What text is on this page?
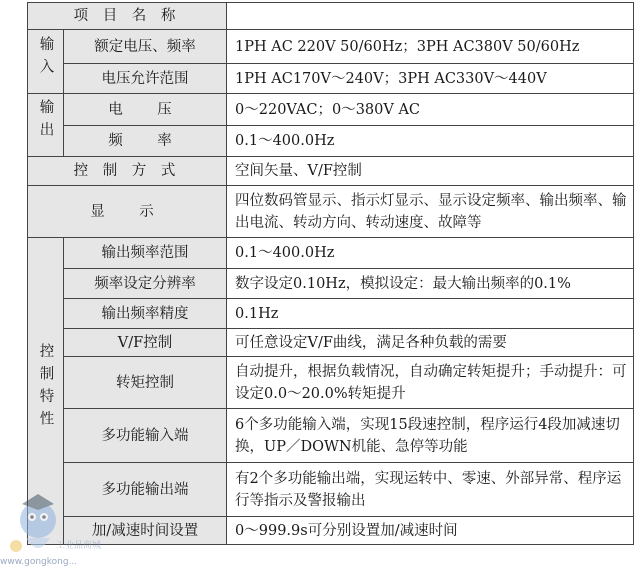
项 目 名 称		
输入	额定电压、频率	1PH AC 220V 50/60Hz；3PH AC380V 50/60Hz
	电压允许范围	1PH AC170V～240V；3PH AC330V～440V
输出	电　压	0～220VAC；0～380V AC
	频　率	0.1～400.0Hz
控 制 方 式		空间矢量、V/F控制
显　示		四位数码管显示、指示灯显示、显示设定频率、输出频率、输出电流、转动方向、转动速度、故障等
控制特性	输出频率范围	0.1～400.0Hz
	频率设定分辨率	数字设定0.10Hz，模拟设定：最大输出频率的0.1%
	输出频率精度	0.1Hz
	V/F控制	可任意设定V/F曲线，满足各种负载的需要
	转矩控制	自动提升，根据负载情况，自动确定转矩提升；手动提升：可设定0.0～20.0%转矩提升
	多功能输入端	6个多功能输入端，实现15段速控制，程序运行4段加减速切换，UP／DOWN机能、急停等功能
	多功能输出端	有2个多功能输出端，实现运转中、零速、外部异常、程序运行等指示及警报输出
	加/减速时间设置	0～999.9s可分别设置加/减速时间
工业品商城
www.gongkong...
